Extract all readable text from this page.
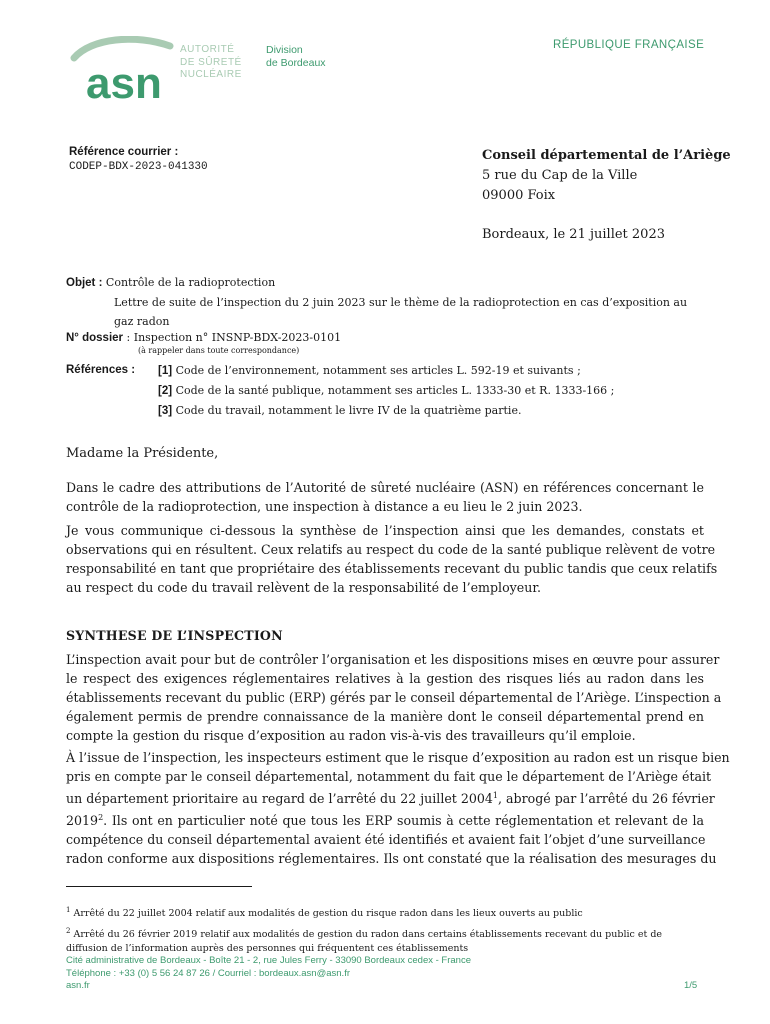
asn
AUTORITÉ
DE SÛRETÉ
NUCLÉAIRE
Division
de Bordeaux
RÉPUBLIQUE FRANÇAISE
Référence courrier :
CODEP-BDX-2023-041330
Conseil départemental de l’Ariège
5 rue du Cap de la Ville
09000 Foix
Bordeaux, le 21 juillet 2023
Objet : Contrôle de la radioprotection
Lettre de suite de l’inspection du 2 juin 2023 sur le thème de la radioprotection en cas d’exposition au
gaz radon
N° dossier : Inspection n° INSNP-BDX-2023-0101
(à rappeler dans toute correspondance)
Références : [1] Code de l’environnement, notamment ses articles L. 592-19 et suivants ;
[2] Code de la santé publique, notamment ses articles L. 1333-30 et R. 1333-166 ;
[3] Code du travail, notamment le livre IV de la quatrième partie.
Madame la Présidente,
Dans le cadre des attributions de l’Autorité de sûreté nucléaire (ASN) en références concernant le
contrôle de la radioprotection, une inspection à distance a eu lieu le 2 juin 2023.
Je vous communique ci-dessous la synthèse de l’inspection ainsi que les demandes, constats et
observations qui en résultent. Ceux relatifs au respect du code de la santé publique relèvent de votre
responsabilité en tant que propriétaire des établissements recevant du public tandis que ceux relatifs
au respect du code du travail relèvent de la responsabilité de l’employeur.
SYNTHESE DE L’INSPECTION
L’inspection avait pour but de contrôler l’organisation et les dispositions mises en œuvre pour assurer
le respect des exigences réglementaires relatives à la gestion des risques liés au radon dans les
établissements recevant du public (ERP) gérés par le conseil départemental de l’Ariège. L’inspection a
également permis de prendre connaissance de la manière dont le conseil départemental prend en
compte la gestion du risque d’exposition au radon vis-à-vis des travailleurs qu’il emploie.
À l’issue de l’inspection, les inspecteurs estiment que le risque d’exposition au radon est un risque bien
pris en compte par le conseil départemental, notamment du fait que le département de l’Ariège était
un département prioritaire au regard de l’arrêté du 22 juillet 2004$^1$, abrogé par l’arrêté du 26 février
2019$^2$. Ils ont en particulier noté que tous les ERP soumis à cette réglementation et relevant de la
compétence du conseil départemental avaient été identifiés et avaient fait l’objet d’une surveillance
radon conforme aux dispositions réglementaires. Ils ont constaté que la réalisation des mesurages du
$^1$ Arrêté du 22 juillet 2004 relatif aux modalités de gestion du risque radon dans les lieux ouverts au public
$^2$ Arrêté du 26 février 2019 relatif aux modalités de gestion du radon dans certains établissements recevant du public et de
diffusion de l’information auprès des personnes qui fréquentent ces établissements
Cité administrative de Bordeaux - Boîte 21 - 2, rue Jules Ferry - 33090 Bordeaux cedex - France
Téléphone : +33 (0) 5 56 24 87 26 / Courriel : bordeaux.asn@asn.fr
asn.fr	1/5
